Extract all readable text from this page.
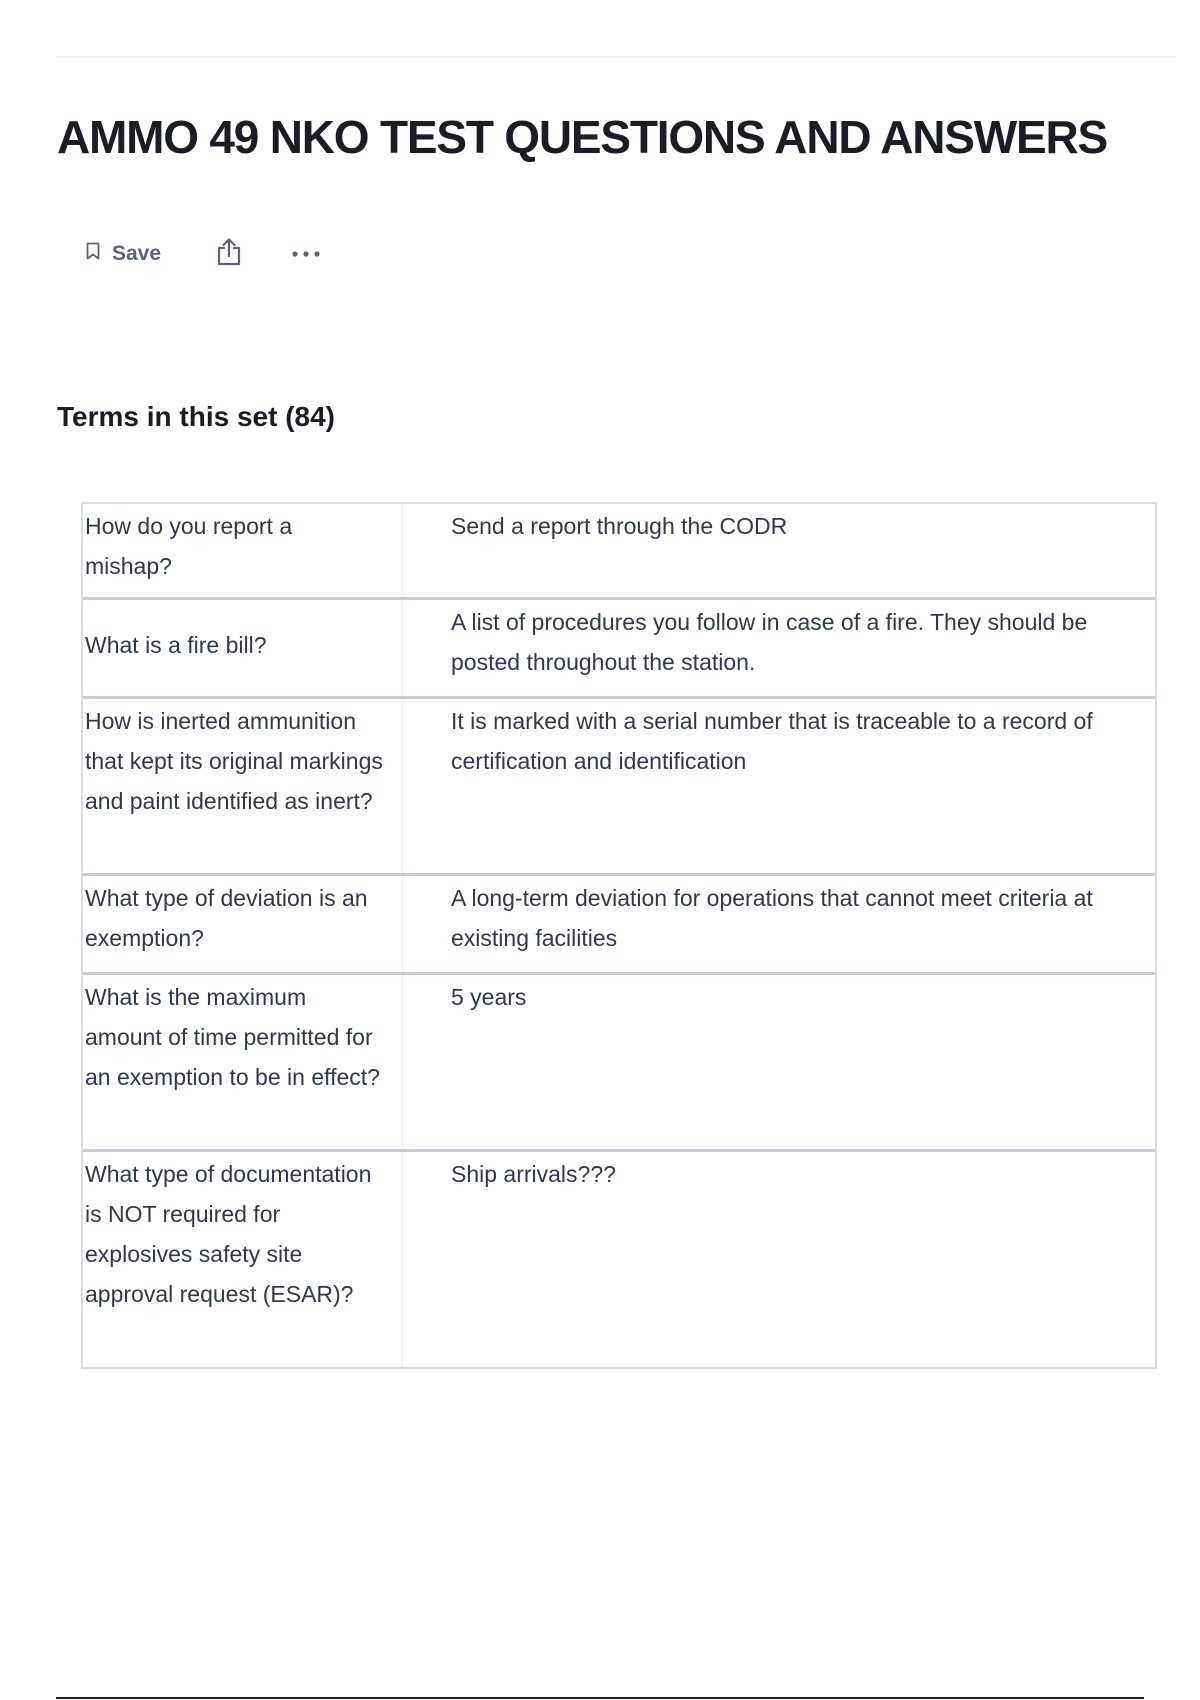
AMMO 49 NKO TEST QUESTIONS AND ANSWERS
Save
Terms in this set (84)
How do you report a mishap?
Send a report through the CODR
What is a fire bill?
A list of procedures you follow in case of a fire. They should be posted throughout the station.
How is inerted ammunition that kept its original markings and paint identified as inert?
It is marked with a serial number that is traceable to a record of certification and identification
What type of deviation is an exemption?
A long-term deviation for operations that cannot meet criteria at existing facilities
What is the maximum amount of time permitted for an exemption to be in effect?
5 years
What type of documentation is NOT required for explosives safety site approval request (ESAR)?
Ship arrivals???
